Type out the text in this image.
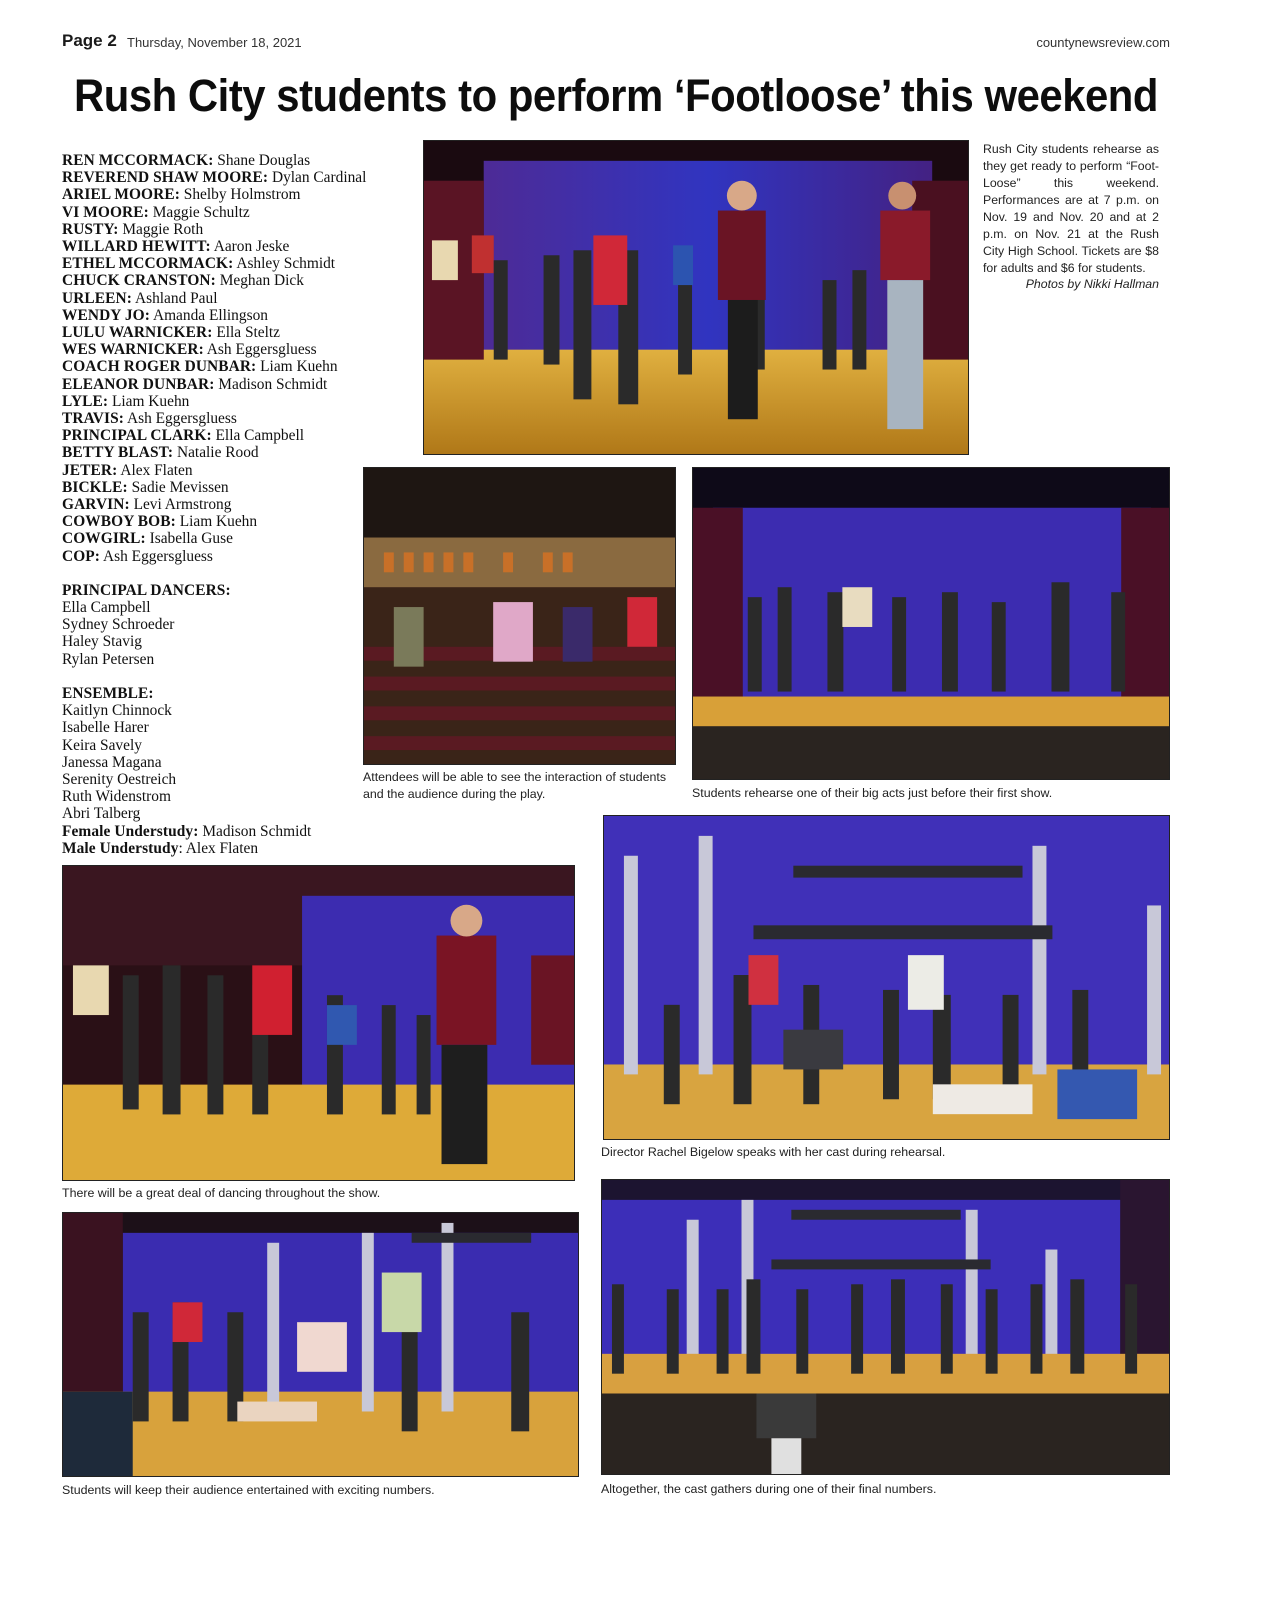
Page 2 Thursday, November 18, 2021	countynewsreview.com
Rush City students to perform ‘Footloose’ this weekend
REN MCCORMACK: Shane Douglas
REVEREND SHAW MOORE: Dylan Cardinal
ARIEL MOORE: Shelby Holmstrom
VI MOORE: Maggie Schultz
RUSTY: Maggie Roth
WILLARD HEWITT: Aaron Jeske
ETHEL MCCORMACK: Ashley Schmidt
CHUCK CRANSTON: Meghan Dick
URLEEN: Ashland Paul
WENDY JO: Amanda Ellingson
LULU WARNICKER: Ella Steltz
WES WARNICKER: Ash Eggersgluess
COACH ROGER DUNBAR: Liam Kuehn
ELEANOR DUNBAR: Madison Schmidt
LYLE: Liam Kuehn
TRAVIS: Ash Eggersgluess
PRINCIPAL CLARK: Ella Campbell
BETTY BLAST: Natalie Rood
JETER: Alex Flaten
BICKLE: Sadie Mevissen
GARVIN: Levi Armstrong
COWBOY BOB: Liam Kuehn
COWGIRL: Isabella Guse
COP: Ash Eggersgluess
PRINCIPAL DANCERS:
Ella Campbell
Sydney Schroeder
Haley Stavig
Rylan Petersen
ENSEMBLE:
Kaitlyn Chinnock
Isabelle Harer
Keira Savely
Janessa Magana
Serenity Oestreich
Ruth Widenstrom
Abri Talberg
Female Understudy: Madison Schmidt
Male Understudy: Alex Flaten
Rush City students rehearse as they get ready to perform “Foot-Loose” this weekend. Performances are at 7 p.m. on Nov. 19 and Nov. 20 and at 2 p.m. on Nov. 21 at the Rush City High School. Tickets are $8 for adults and $6 for students.
Photos by Nikki Hallman
Attendees will be able to see the interaction of students and the audience during the play.	Students rehearse one of their big acts just before their first show.
Director Rachel Bigelow speaks with her cast during rehearsal.
There will be a great deal of dancing throughout the show.
Students will keep their audience entertained with exciting numbers.	Altogether, the cast gathers during one of their final numbers.
